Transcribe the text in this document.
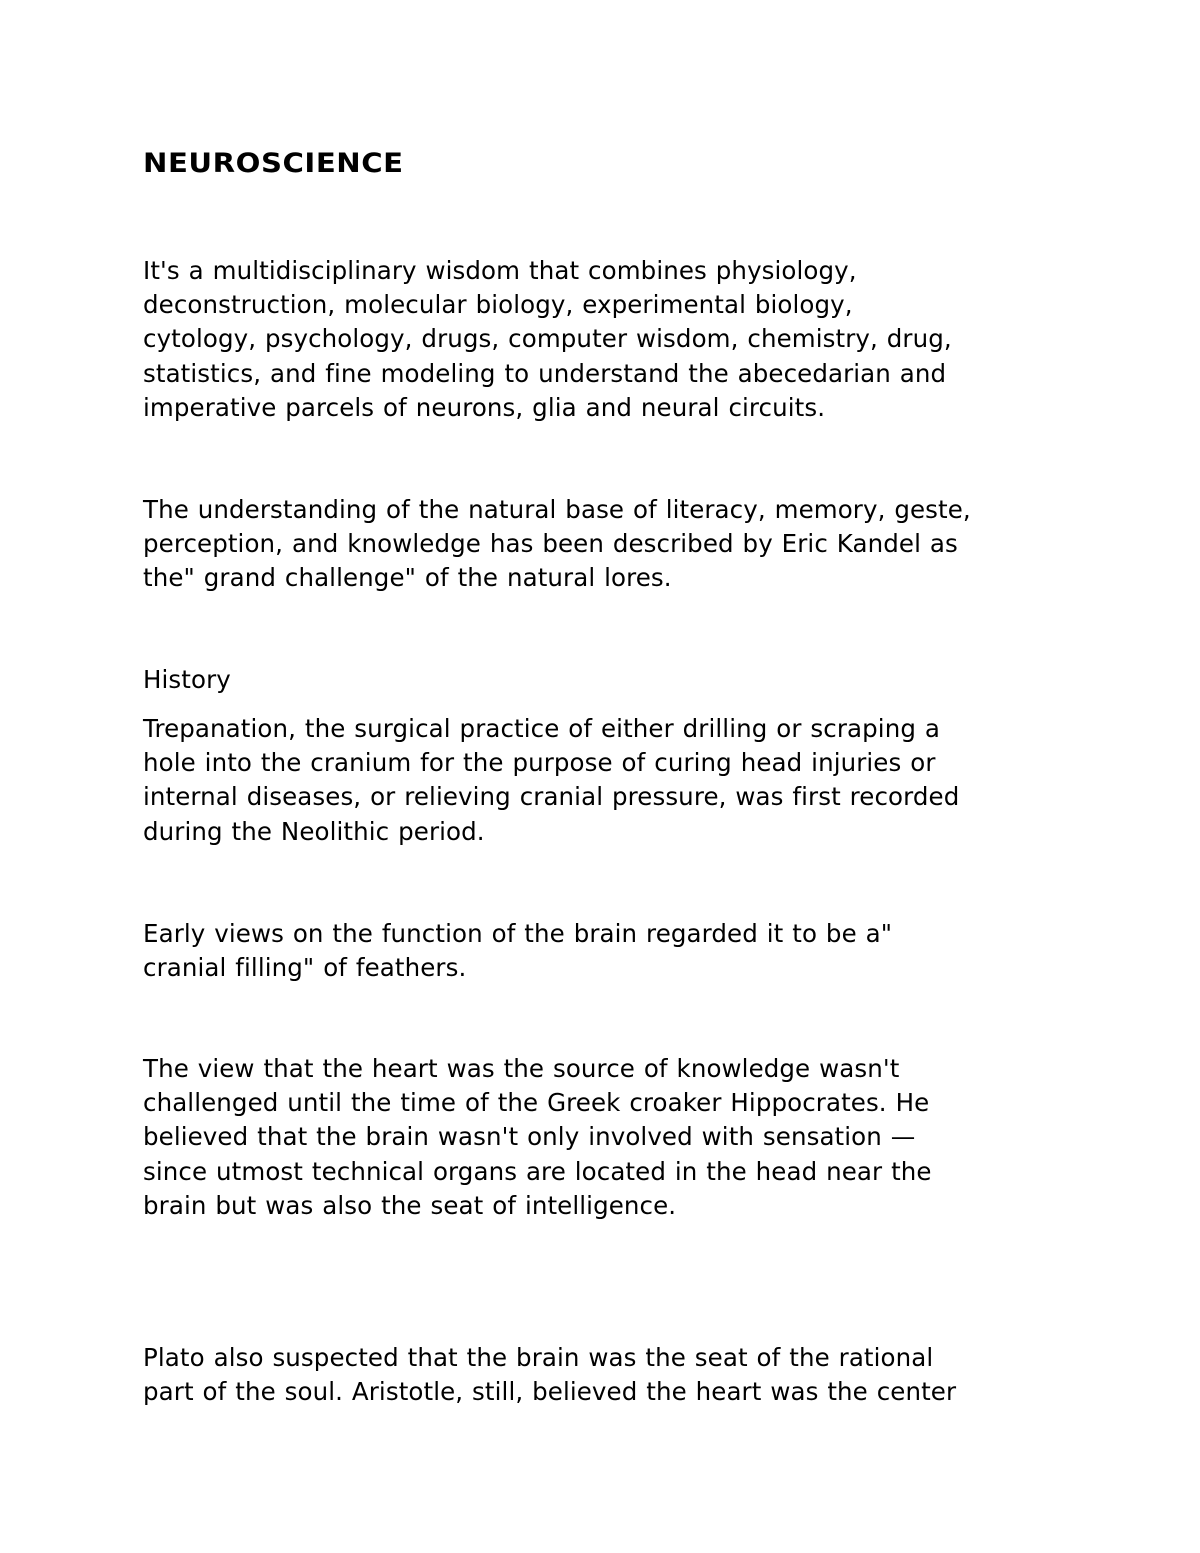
NEUROSCIENCE

It's a multidisciplinary wisdom that combines physiology,
deconstruction, molecular biology, experimental biology,
cytology, psychology, drugs, computer wisdom, chemistry, drug,
statistics, and fine modeling to understand the abecedarian and
imperative parcels of neurons, glia and neural circuits.

The understanding of the natural base of literacy, memory, geste,
perception, and knowledge has been described by Eric Kandel as
the" grand challenge" of the natural lores.

History

Trepanation, the surgical practice of either drilling or scraping a
hole into the cranium for the purpose of curing head injuries or
internal diseases, or relieving cranial pressure, was first recorded
during the Neolithic period.

Early views on the function of the brain regarded it to be a"
cranial filling" of feathers.

The view that the heart was the source of knowledge wasn't
challenged until the time of the Greek croaker Hippocrates. He
believed that the brain wasn't only involved with sensation —
since utmost technical organs are located in the head near the
brain but was also the seat of intelligence.

Plato also suspected that the brain was the seat of the rational
part of the soul. Aristotle, still, believed the heart was the center
